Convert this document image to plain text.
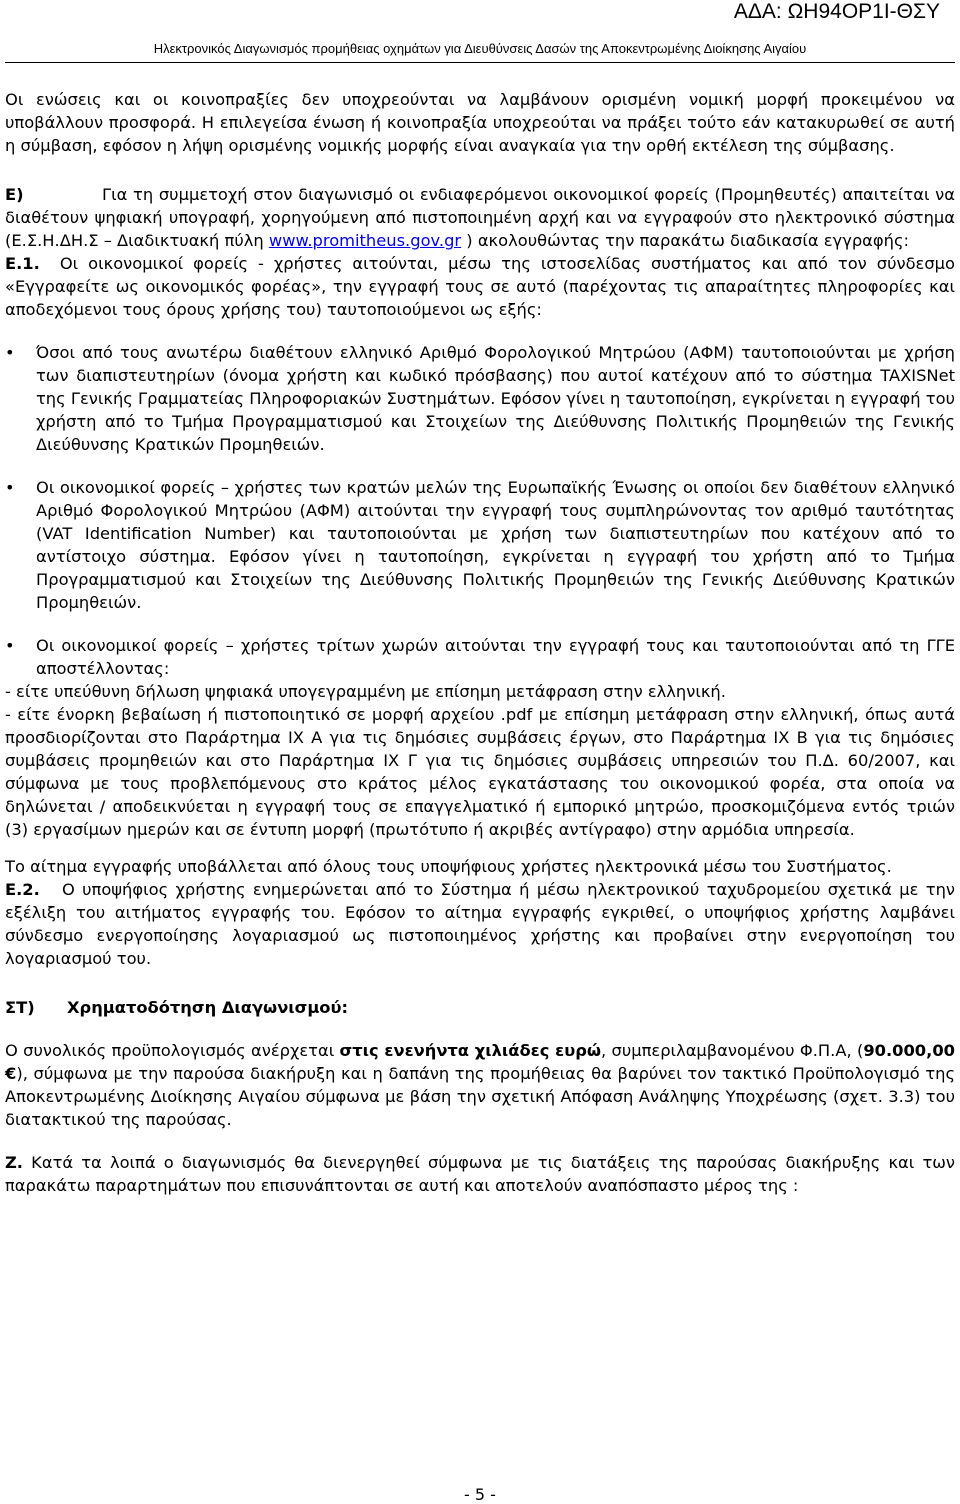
ΑΔΑ: ΩΗ94ΟΡ1Ι-ΘΣΥ
Ηλεκτρονικός Διαγωνισμός προμήθειας οχημάτων για Διευθύνσεις Δασών της Αποκεντρωμένης Διοίκησης Αιγαίου

Οι ενώσεις και οι κοινοπραξίες δεν υποχρεούνται να λαμβάνουν ορισμένη νομική μορφή προκειμένου να υποβάλλουν προσφορά. Η επιλεγείσα ένωση ή κοινοπραξία υποχρεούται να πράξει τούτο εάν κατακυρωθεί σε αυτή η σύμβαση, εφόσον η λήψη ορισμένης νομικής μορφής είναι αναγκαία για την ορθή εκτέλεση της σύμβασης.

Ε)	Για τη συμμετοχή στον διαγωνισμό οι ενδιαφερόμενοι οικονομικοί φορείς (Προμηθευτές) απαιτείται να διαθέτουν ψηφιακή υπογραφή, χορηγούμενη από πιστοποιημένη αρχή και να εγγραφούν στο ηλεκτρονικό σύστημα (Ε.Σ.Η.ΔΗ.Σ – Διαδικτυακή πύλη www.promitheus.gov.gr ) ακολουθώντας την παρακάτω διαδικασία εγγραφής:

Ε.1. Οι οικονομικοί φορείς - χρήστες αιτούνται, μέσω της ιστοσελίδας συστήματος και από τον σύνδεσμο «Εγγραφείτε ως οικονομικός φορέας», την εγγραφή τους σε αυτό (παρέχοντας τις απαραίτητες πληροφορίες και αποδεχόμενοι τους όρους χρήσης του) ταυτοποιούμενοι ως εξής:

• Όσοι από τους ανωτέρω διαθέτουν ελληνικό Αριθμό Φορολογικού Μητρώου (ΑΦΜ) ταυτοποιούνται με χρήση των διαπιστευτηρίων (όνομα χρήστη και κωδικό πρόσβασης) που αυτοί κατέχουν από το σύστημα TAXISNet της Γενικής Γραμματείας Πληροφοριακών Συστημάτων. Εφόσον γίνει η ταυτοποίηση, εγκρίνεται η εγγραφή του χρήστη από το Τμήμα Προγραμματισμού και Στοιχείων της Διεύθυνσης Πολιτικής Προμηθειών της Γενικής Διεύθυνσης Κρατικών Προμηθειών.

• Οι οικονομικοί φορείς – χρήστες των κρατών μελών της Ευρωπαϊκής Ένωσης οι οποίοι δεν διαθέτουν ελληνικό Αριθμό Φορολογικού Μητρώου (ΑΦΜ) αιτούνται την εγγραφή τους συμπληρώνοντας τον αριθμό ταυτότητας (VAT Identification Number) και ταυτοποιούνται με χρήση των διαπιστευτηρίων που κατέχουν από το αντίστοιχο σύστημα. Εφόσον γίνει η ταυτοποίηση, εγκρίνεται η εγγραφή του χρήστη από το Τμήμα Προγραμματισμού και Στοιχείων της Διεύθυνσης Πολιτικής Προμηθειών της Γενικής Διεύθυνσης Κρατικών Προμηθειών.

• Οι οικονομικοί φορείς – χρήστες τρίτων χωρών αιτούνται την εγγραφή τους και ταυτοποιούνται από τη ΓΓΕ αποστέλλοντας:

- είτε υπεύθυνη δήλωση ψηφιακά υπογεγραμμένη με επίσημη μετάφραση στην ελληνική.

- είτε ένορκη βεβαίωση ή πιστοποιητικό σε μορφή αρχείου .pdf με επίσημη μετάφραση στην ελληνική, όπως αυτά προσδιορίζονται στο Παράρτημα IX A για τις δημόσιες συμβάσεις έργων, στο Παράρτημα IX B για τις δημόσιες συμβάσεις προμηθειών και στο Παράρτημα IX Γ για τις δημόσιες συμβάσεις υπηρεσιών του Π.Δ. 60/2007, και σύμφωνα με τους προβλεπόμενους στο κράτος μέλος εγκατάστασης του οικονομικού φορέα, στα οποία να δηλώνεται / αποδεικνύεται η εγγραφή τους σε επαγγελματικό ή εμπορικό μητρώο, προσκομιζόμενα εντός τριών (3) εργασίμων ημερών και σε έντυπη μορφή (πρωτότυπο ή ακριβές αντίγραφο) στην αρμόδια υπηρεσία.

Το αίτημα εγγραφής υποβάλλεται από όλους τους υποψήφιους χρήστες ηλεκτρονικά μέσω του Συστήματος.

Ε.2. Ο υποψήφιος χρήστης ενημερώνεται από το Σύστημα ή μέσω ηλεκτρονικού ταχυδρομείου σχετικά με την εξέλιξη του αιτήματος εγγραφής του. Εφόσον το αίτημα εγγραφής εγκριθεί, ο υποψήφιος χρήστης λαμβάνει σύνδεσμο ενεργοποίησης λογαριασμού ως πιστοποιημένος χρήστης και προβαίνει στην ενεργοποίηση του λογαριασμού του.

ΣΤ) Χρηματοδότηση Διαγωνισμού:

Ο συνολικός προϋπολογισμός ανέρχεται στις ενενήντα χιλιάδες ευρώ, συμπεριλαμβανομένου Φ.Π.Α, (90.000,00 €), σύμφωνα με την παρούσα διακήρυξη και η δαπάνη της προμήθειας θα βαρύνει τον τακτικό Προϋπολογισμό της Αποκεντρωμένης Διοίκησης Αιγαίου σύμφωνα με βάση την σχετική Απόφαση Ανάληψης Υποχρέωσης (σχετ. 3.3) του διατακτικού της παρούσας.

Ζ. Κατά τα λοιπά ο διαγωνισμός θα διενεργηθεί σύμφωνα με τις διατάξεις της παρούσας διακήρυξης και των παρακάτω παραρτημάτων που επισυνάπτονται σε αυτή και αποτελούν αναπόσπαστο μέρος της :

- 5 -
